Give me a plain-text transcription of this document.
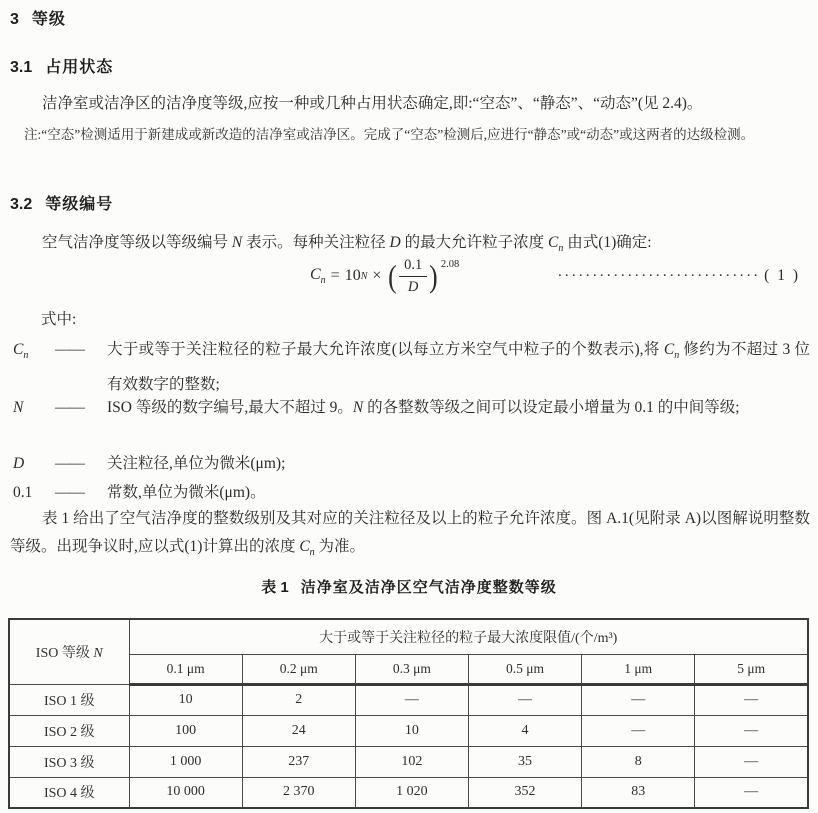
3 等级
3.1 占用状态

洁净室或洁净区的洁净度等级,应按一种或几种占用状态确定,即:“空态”、“静态”、“动态”(见 2.4)。

注:“空态”检测适用于新建成或新改造的洁净室或洁净区。完成了“空态”检测后,应进行“静态”或“动态”或这两者的达级检测。

3.2 等级编号

空气洁净度等级以等级编号 N 表示。每种关注粒径 D 的最大允许粒子浓度 $C_n$ 由式(1)确定:

$C_n = 10$ N × ( $\frac{0.1}{D}$ ) 2.08
····························· ( 1 )
式中:
$C_n$	——	大于或等于关注粒径的粒子最大允许浓度(以每立方米空气中粒子的个数表示),将 $C_n$ 修约为不超过 3 位有效数字的整数;
N	——	ISO 等级的数字编号,最大不超过 9。N 的各整数等级之间可以设定最小增量为 0.1 的中间等级;
D	——	关注粒径,单位为微米(μm);
0.1	——	常数,单位为微米(μm)。

表 1 给出了空气洁净度的整数级别及其对应的关注粒径及以上的粒子允许浓度。图 A.1(见附录 A)以图解说明整数等级。出现争议时,应以式(1)计算出的浓度 $C_n$ 为准。

表 1 洁净室及洁净区空气洁净度整数等级
ISO 等级 N	大于或等于关注粒径的粒子最大浓度限值/(个/m³)					
	0.1 μm	0.2 μm	0.3 μm	0.5 μm	1 μm	5 μm
ISO 1 级	10	2	—	—	—	—
ISO 2 级	100	24	10	4	—	—
ISO 3 级	1 000	237	102	35	8	—
ISO 4 级	10 000	2 370	1 020	352	83	—
